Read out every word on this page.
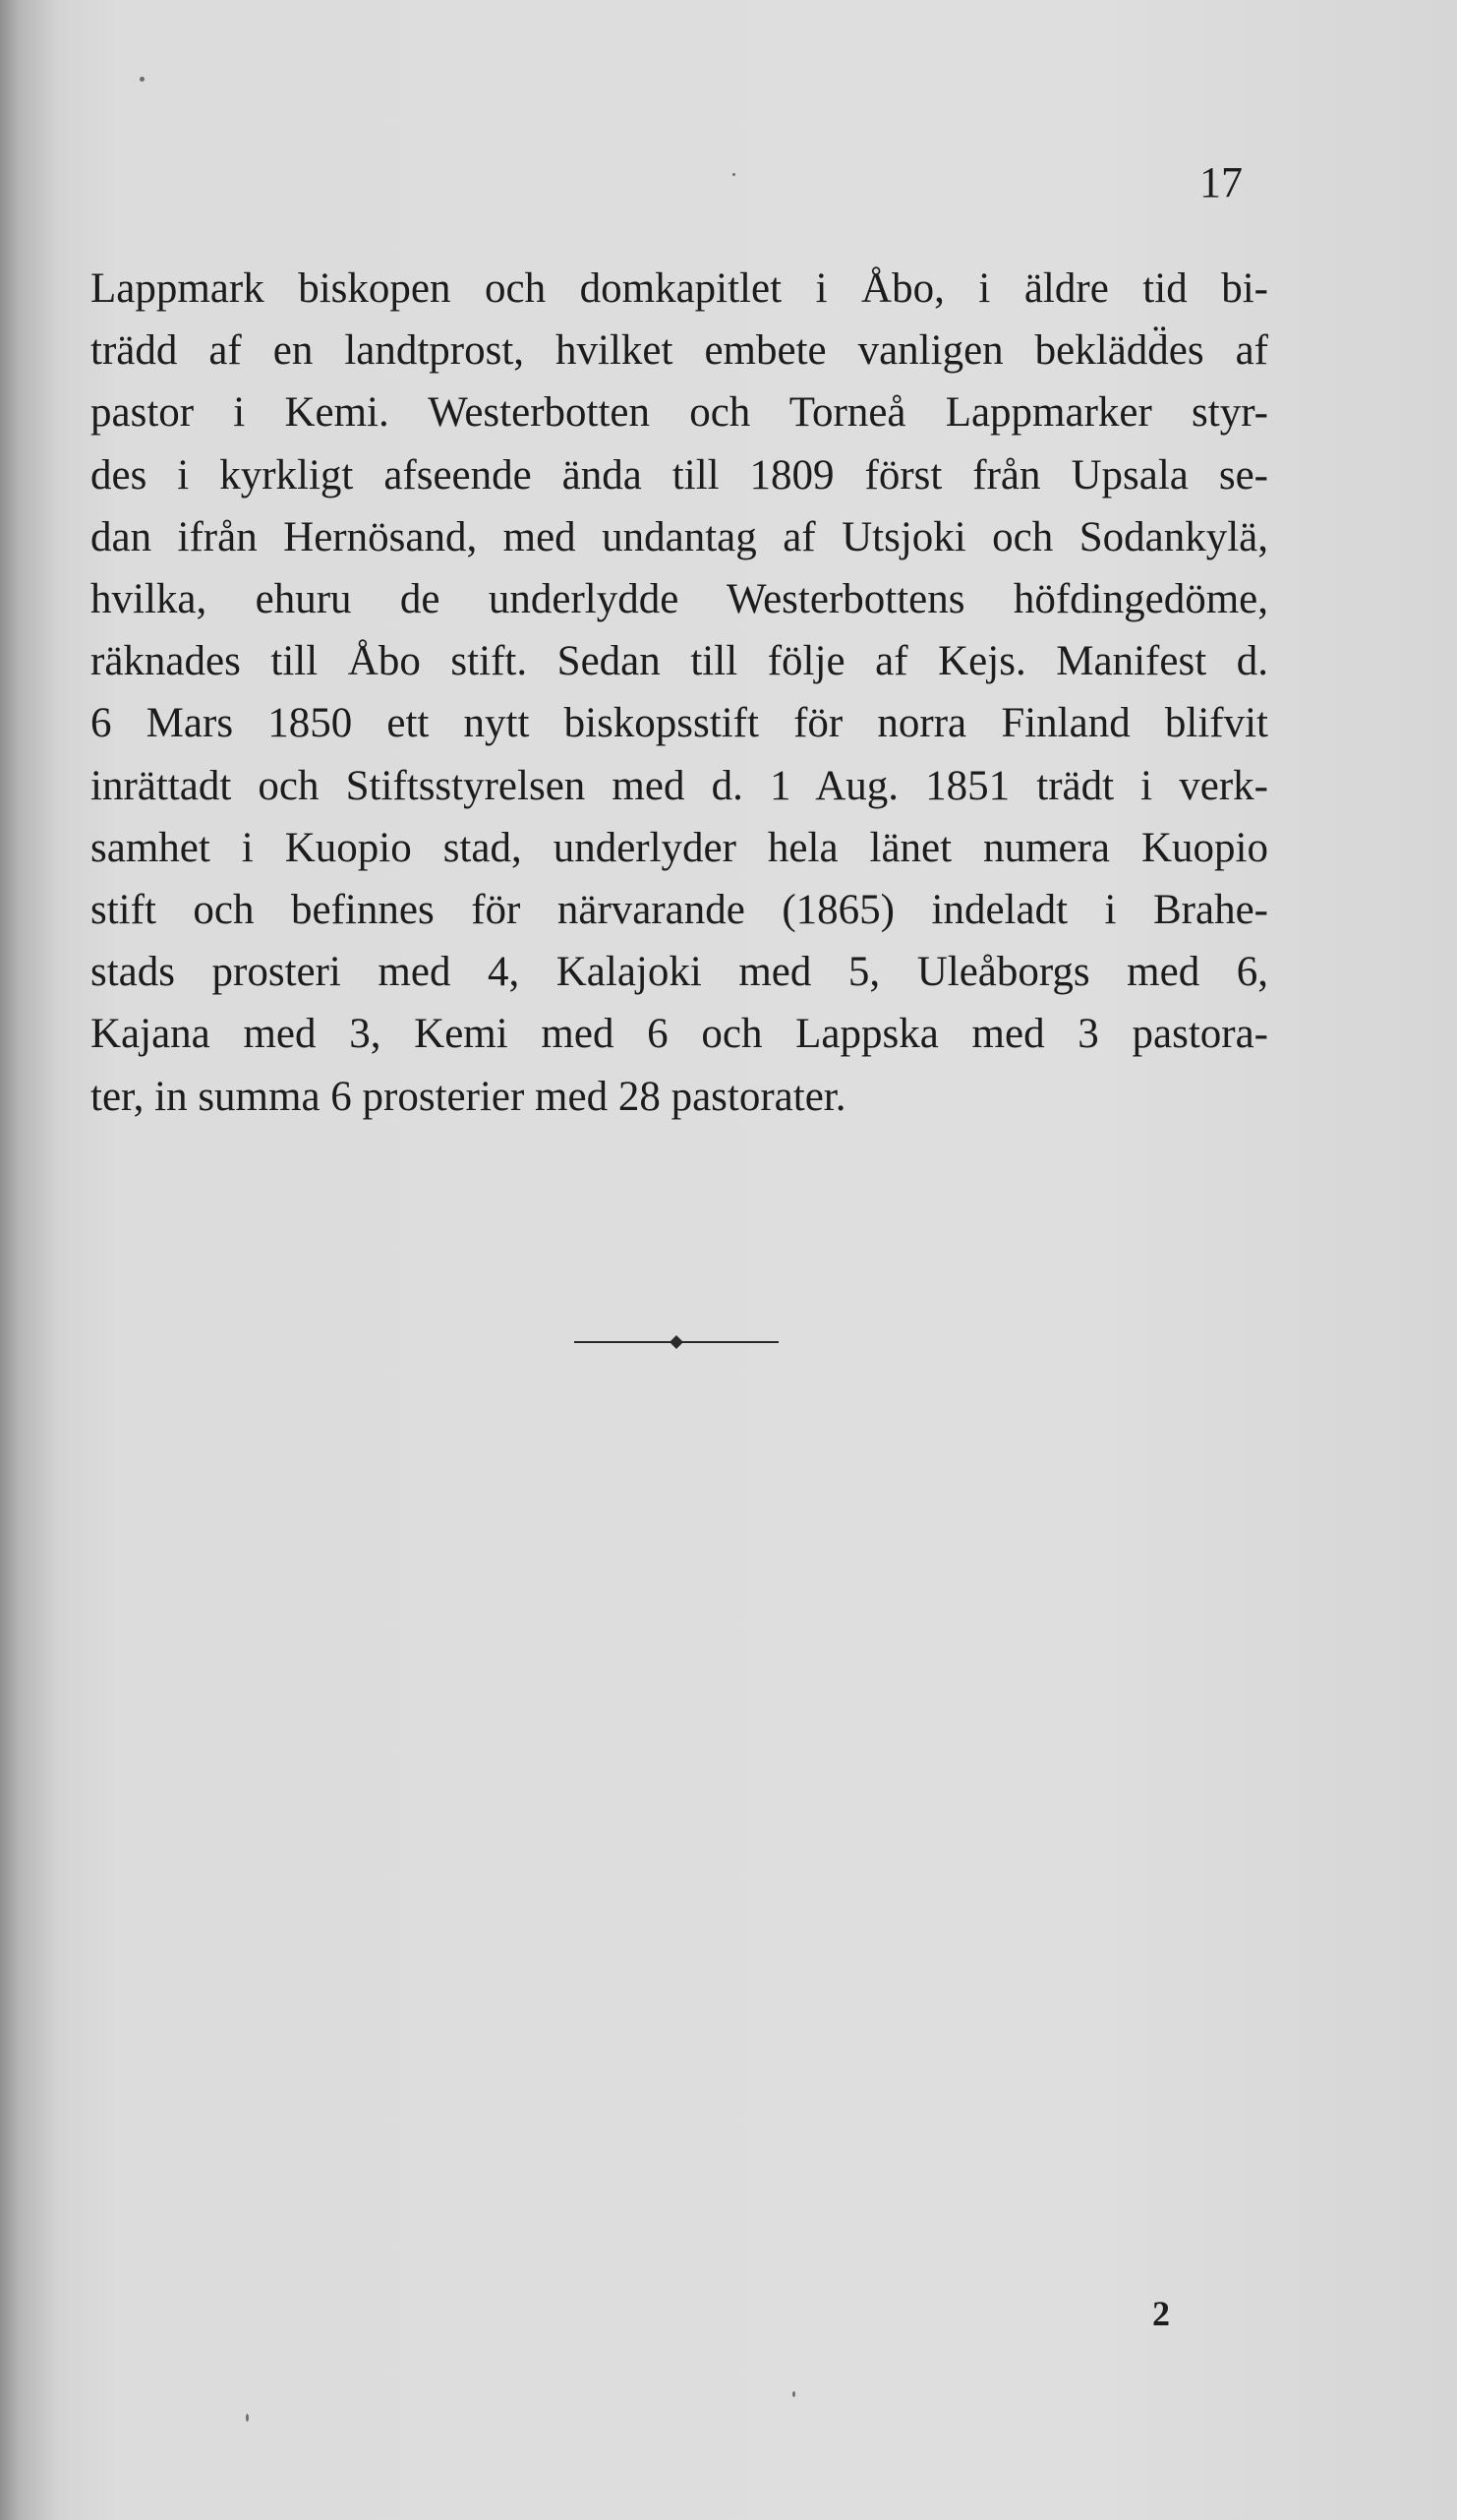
17
Lappmark biskopen och domkapitlet i Åbo, i äldre tid bi-
trädd af en landtprost, hvilket embete vanligen beklädd̈es af
pastor i Kemi. Westerbotten och Torneå Lappmarker styr-
des i kyrkligt afseende ända till 1809 först från Upsala se-
dan ifrån Hernösand, med undantag af Utsjoki och Sodankylä,
hvilka, ehuru de underlydde Westerbottens höfdingedöme,
räknades till Åbo stift. Sedan till följe af Kejs. Manifest d.
6 Mars 1850 ett nytt biskopsstift för norra Finland blifvit
inrättadt och Stiftsstyrelsen med d. 1 Aug. 1851 trädt i verk-
samhet i Kuopio stad, underlyder hela länet numera Kuopio
stift och befinnes för närvarande (1865) indeladt i Brahe-
stads prosteri med 4, Kalajoki med 5, Uleåborgs med 6,
Kajana med 3, Kemi med 6 och Lappska med 3 pastora-
ter, in summa 6 prosterier med 28 pastorater.
2
